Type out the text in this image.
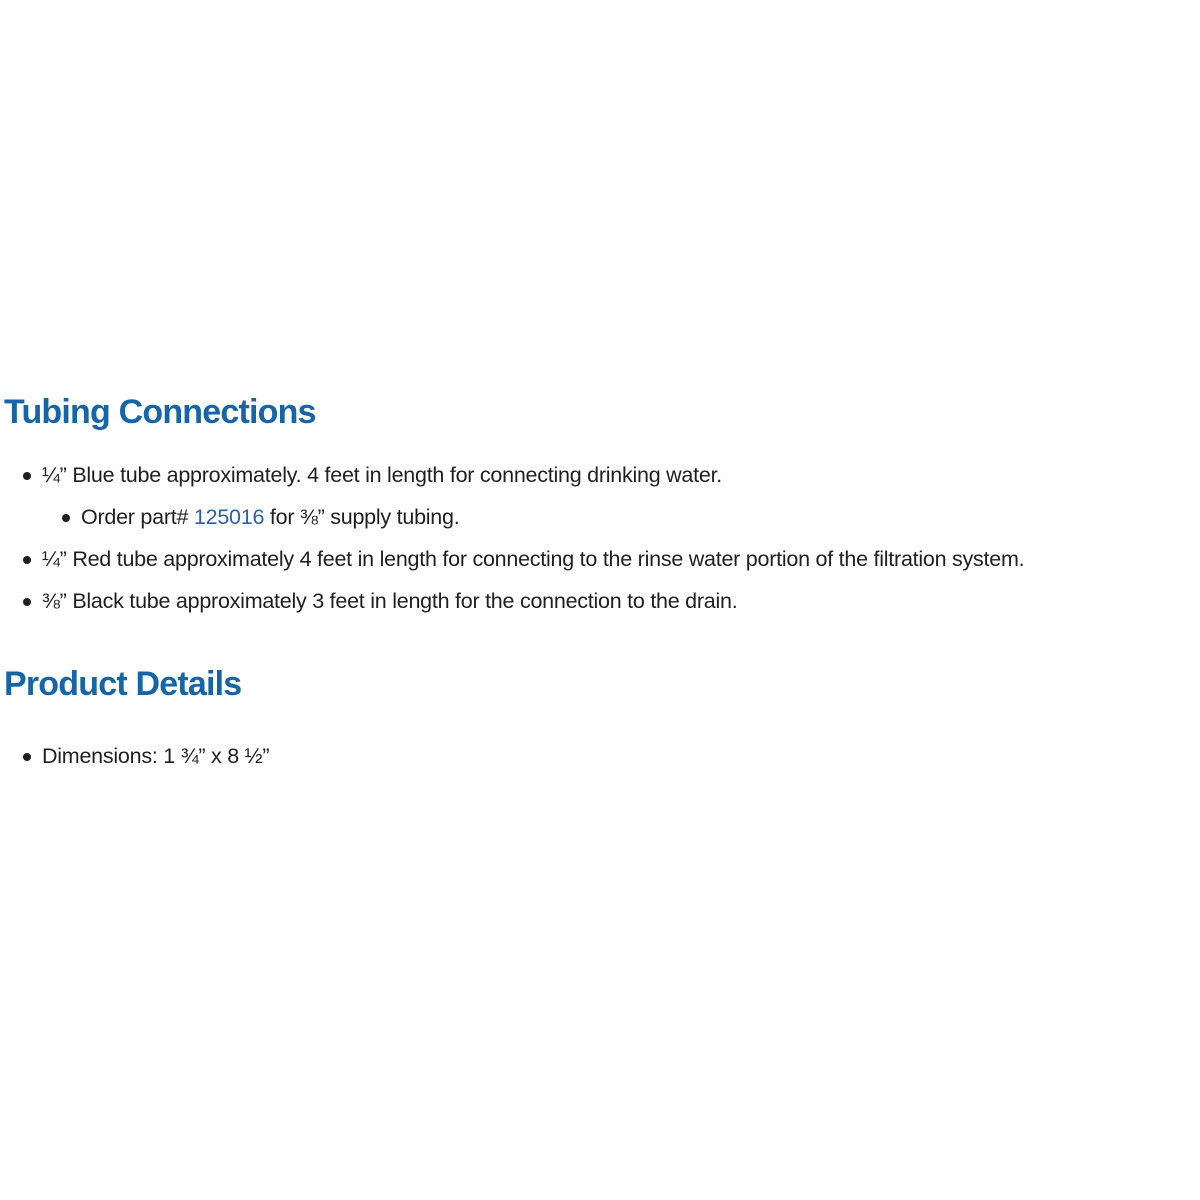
Tubing Connections
¼” Blue tube approximately. 4 feet in length for connecting drinking water.
Order part# 125016 for ⅜” supply tubing.
¼” Red tube approximately 4 feet in length for connecting to the rinse water portion of the filtration system.
⅜” Black tube approximately 3 feet in length for the connection to the drain.
Product Details
Dimensions: 1 ¾” x 8 ½”
